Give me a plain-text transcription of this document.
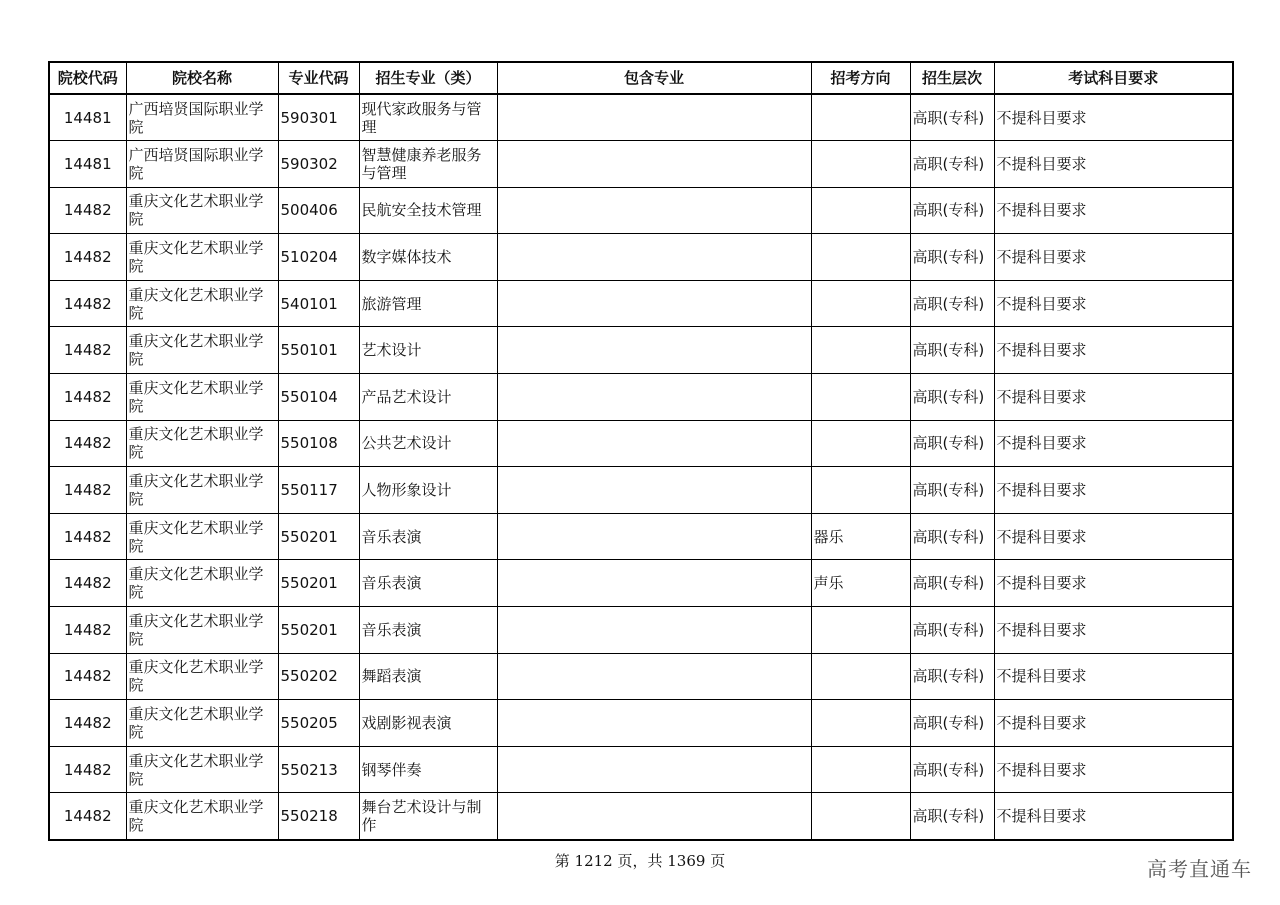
院校代码	院校名称	专业代码	招生专业（类）	包含专业	招考方向	招生层次	考试科目要求
14481	广西培贤国际职业学院	590301	现代家政服务与管理			高职(专科)	不提科目要求
14481	广西培贤国际职业学院	590302	智慧健康养老服务与管理			高职(专科)	不提科目要求
14482	重庆文化艺术职业学院	500406	民航安全技术管理			高职(专科)	不提科目要求
14482	重庆文化艺术职业学院	510204	数字媒体技术			高职(专科)	不提科目要求
14482	重庆文化艺术职业学院	540101	旅游管理			高职(专科)	不提科目要求
14482	重庆文化艺术职业学院	550101	艺术设计			高职(专科)	不提科目要求
14482	重庆文化艺术职业学院	550104	产品艺术设计			高职(专科)	不提科目要求
14482	重庆文化艺术职业学院	550108	公共艺术设计			高职(专科)	不提科目要求
14482	重庆文化艺术职业学院	550117	人物形象设计			高职(专科)	不提科目要求
14482	重庆文化艺术职业学院	550201	音乐表演		器乐	高职(专科)	不提科目要求
14482	重庆文化艺术职业学院	550201	音乐表演		声乐	高职(专科)	不提科目要求
14482	重庆文化艺术职业学院	550201	音乐表演			高职(专科)	不提科目要求
14482	重庆文化艺术职业学院	550202	舞蹈表演			高职(专科)	不提科目要求
14482	重庆文化艺术职业学院	550205	戏剧影视表演			高职(专科)	不提科目要求
14482	重庆文化艺术职业学院	550213	钢琴伴奏			高职(专科)	不提科目要求
14482	重庆文化艺术职业学院	550218	舞台艺术设计与制作			高职(专科)	不提科目要求
第 1212 页，共 1369 页	高考直通车
